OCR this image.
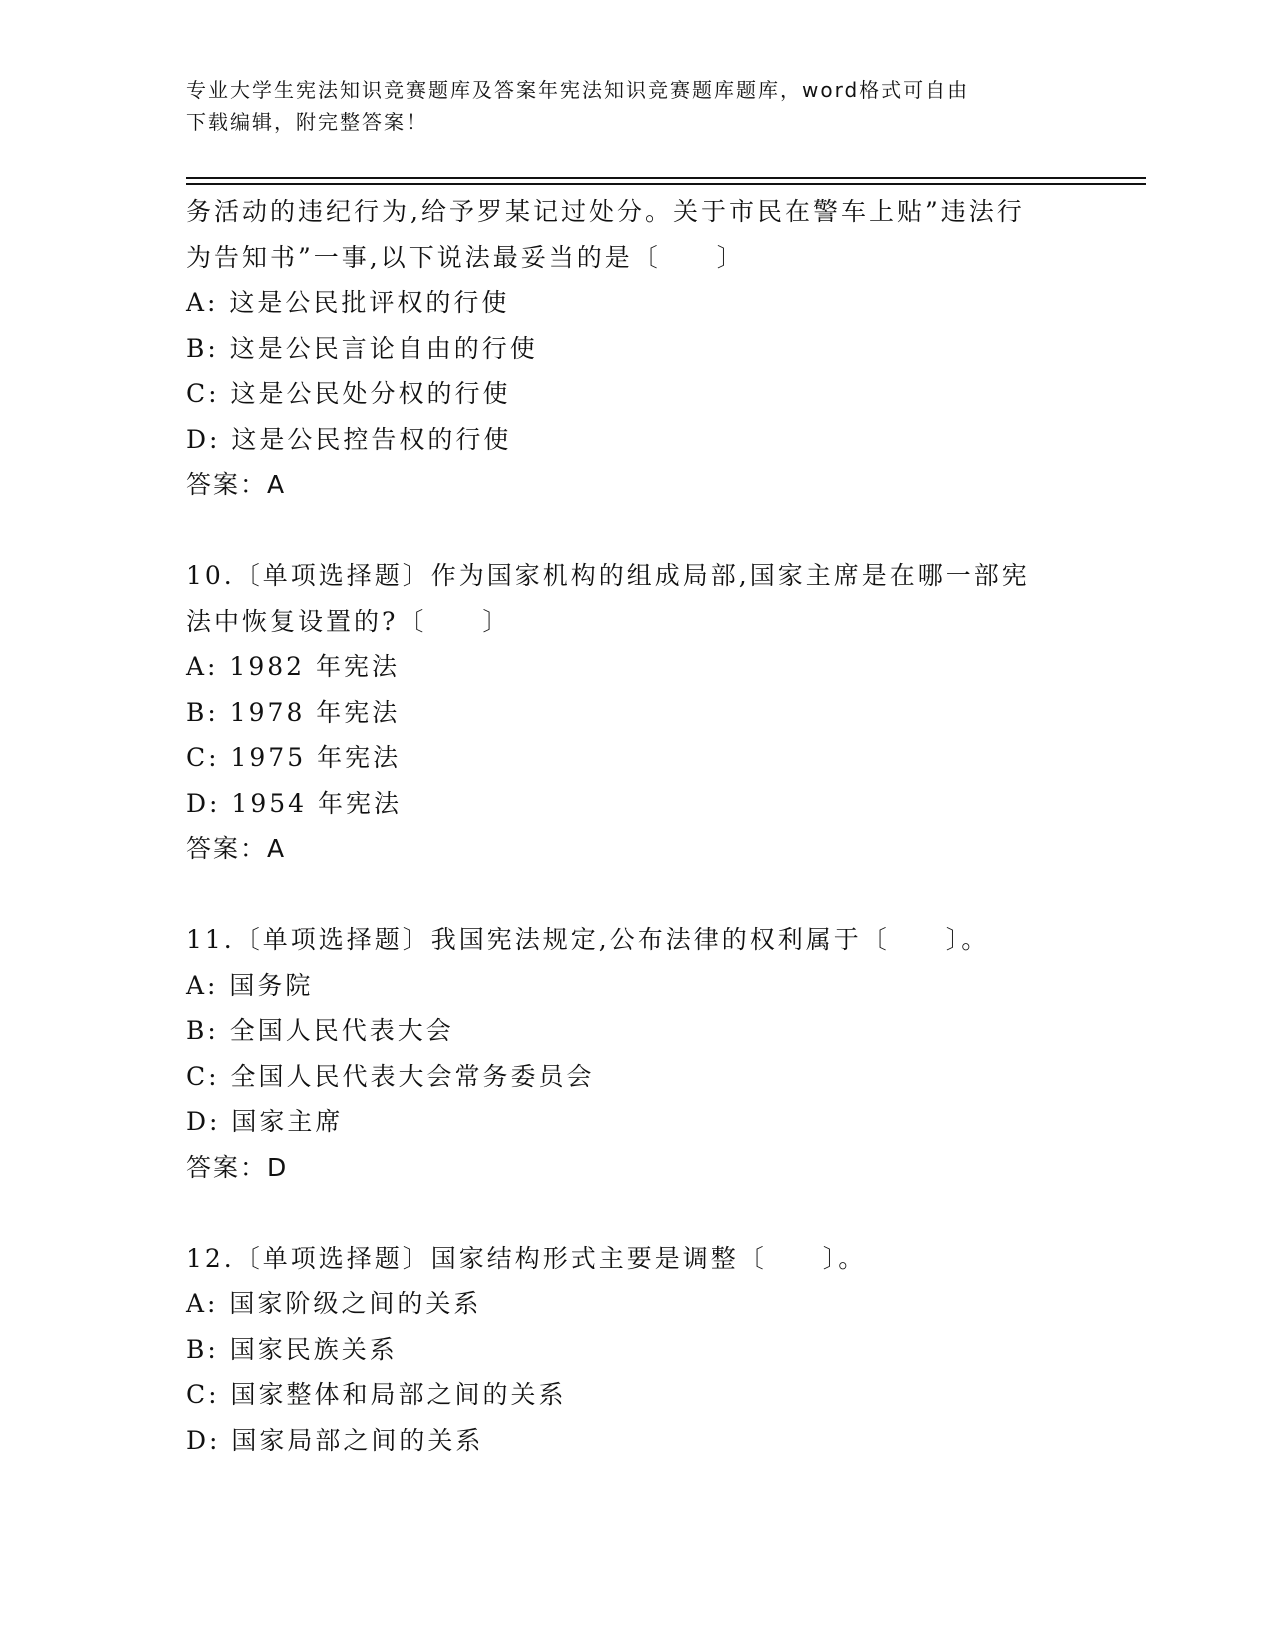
专业大学生宪法知识竞赛题库及答案年宪法知识竞赛题库题库，word格式可自由
下载编辑，附完整答案！
务活动的违纪行为,给予罗某记过处分。关于市民在警车上贴”违法行
为告知书”一事,以下说法最妥当的是〔　　〕
A: 这是公民批评权的行使
B: 这是公民言论自由的行使
C: 这是公民处分权的行使
D: 这是公民控告权的行使
答案：A
10.〔单项选择题〕作为国家机构的组成局部,国家主席是在哪一部宪
法中恢复设置的?〔　　〕
A: 1982 年宪法
B: 1978 年宪法
C: 1975 年宪法
D: 1954 年宪法
答案：A
11.〔单项选择题〕我国宪法规定,公布法律的权利属于〔　　〕。
A: 国务院
B: 全国人民代表大会
C: 全国人民代表大会常务委员会
D: 国家主席
答案：D
12.〔单项选择题〕国家结构形式主要是调整〔　　〕。
A: 国家阶级之间的关系
B: 国家民族关系
C: 国家整体和局部之间的关系
D: 国家局部之间的关系
